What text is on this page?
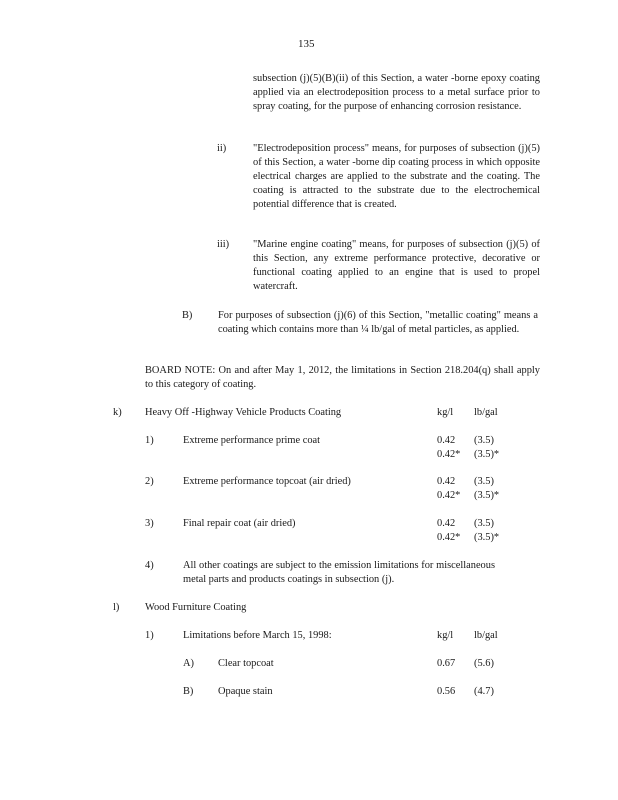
135
subsection (j)(5)(B)(ii) of this Section, a water -borne epoxy coating applied via an electrodeposition process to a metal surface prior to spray coating, for the purpose of enhancing corrosion resistance.
ii)	"Electrodeposition process" means, for purposes of subsection (j)(5) of this Section, a water -borne dip coating process in which opposite electrical charges are applied to the substrate and the coating. The coating is attracted to the substrate due to the electrochemical potential difference that is created.
iii) "Marine engine coating" means, for purposes of subsection (j)(5) of this Section, any extreme performance protective, decorative or functional coating applied to an engine that is used to propel watercraft.
B) For purposes of subsection (j)(6) of this Section, "metallic coating" means a coating which contains more than ¼ lb/gal of metal particles, as applied.
BOARD NOTE: On and after May 1, 2012, the limitations in Section 218.204(q) shall apply to this category of coating.
k) Heavy Off -Highway Vehicle Products Coating	kg/l lb/gal
1)	Extreme performance prime coat	0.42 (3.5)
0.42* (3.5)*
2)	Extreme performance topcoat (air dried)	0.42 (3.5)
0.42* (3.5)*
3)	Final repair coat (air dried)	0.42 (3.5)
0.42* (3.5)*
4)	All other coatings are subject to the emission limitations for miscellaneous metal parts and products coatings in subsection (j).
l) Wood Furniture Coating
1)	Limitations before March 15, 1998:	kg/l lb/gal
A) Clear topcoat	0.67 (5.6)
B) Opaque stain	0.56 (4.7)
